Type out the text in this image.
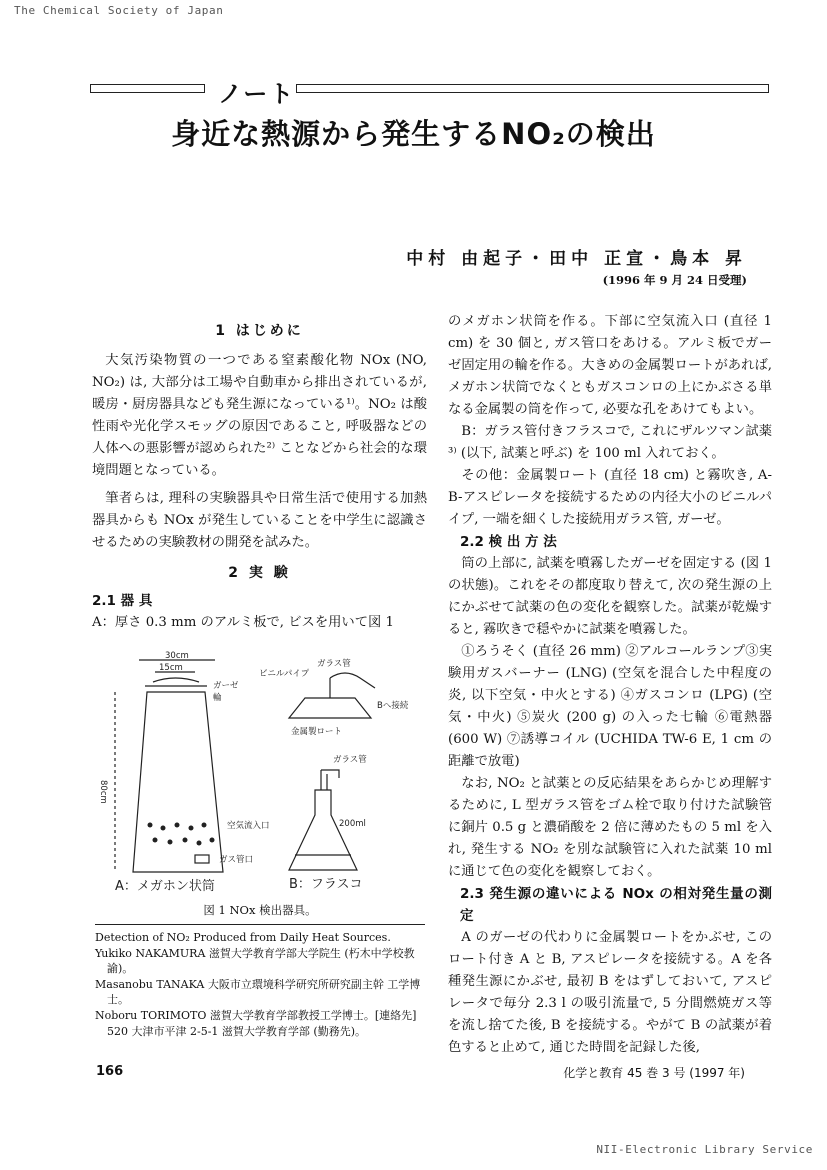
The Chemical Society of Japan
ノート
身近な熱源から発生するNO₂の検出
中村 由起子・田中 正宣・鳥本 昇
(1996 年 9 月 24 日受理)
1 はじめに

大気汚染物質の一つである窒素酸化物 NOx (NO, NO₂) は, 大部分は工場や自動車から排出されているが, 暖房・厨房器具なども発生源になっている¹⁾。NO₂ は酸性雨や光化学スモッグの原因であること, 呼吸器などの人体への悪影響が認められた²⁾ ことなどから社会的な環境問題となっている。

筆者らは, 理科の実験器具や日常生活で使用する加熱器具からも NOx が発生していることを中学生に認識させるための実験教材の開発を試みた。

2 実 験
2.1 器 具

A：厚さ 0.3 mm のアルミ板で, ビスを用いて図 1

30cm
15cm
ガーゼ
輪
80cm
空気流入口
ガス管口
ビニルパイプ
ガラス管
Bへ接続
金属製ロート
ガラス管
200ml
A：メガホン状筒	B：フラスコ
図 1 NOx 検出器具。
Detection of NO₂ Produced from Daily Heat Sources.
Yukiko NAKAMURA 滋賀大学教育学部大学院生 (朽木中学校教諭)。
Masanobu TANAKA 大阪市立環境科学研究所研究副主幹 工学博士。
Noboru TORIMOTO 滋賀大学教育学部教授工学博士。[連絡先] 520 大津市平津 2-5-1 滋賀大学教育学部 (勤務先)。

のメガホン状筒を作る。下部に空気流入口 (直径 1 cm) を 30 個と, ガス管口をあける。アルミ板でガーゼ固定用の輪を作る。大きめの金属製ロートがあれば, メガホン状筒でなくともガスコンロの上にかぶさる単なる金属製の筒を作って, 必要な孔をあけてもよい。

B：ガラス管付きフラスコで, これにザルツマン試薬³⁾ (以下, 試薬と呼ぶ) を 100 ml 入れておく。

その他：金属製ロート (直径 18 cm) と霧吹き, A-B-アスピレータを接続するための内径大小のビニルパイプ, 一端を細くした接続用ガラス管, ガーゼ。

2.2 検 出 方 法

筒の上部に, 試薬を噴霧したガーゼを固定する (図 1 の状態)。これをその都度取り替えて, 次の発生源の上にかぶせて試薬の色の変化を観察した。試薬が乾燥すると, 霧吹きで穏やかに試薬を噴霧した。

①ろうそく (直径 26 mm) ②アルコールランプ③実験用ガスバーナー (LNG) (空気を混合した中程度の炎, 以下空気・中火とする) ④ガスコンロ (LPG) (空気・中火) ⑤炭火 (200 g) の入った七輪 ⑥電熱器 (600 W) ⑦誘導コイル (UCHIDA TW-6 E, 1 cm の距離で放電)

なお, NO₂ と試薬との反応結果をあらかじめ理解するために, L 型ガラス管をゴム栓で取り付けた試験管に銅片 0.5 g と濃硝酸を 2 倍に薄めたもの 5 ml を入れ, 発生する NO₂ を別な試験管に入れた試薬 10 ml に通じて色の変化を観察しておく。

2.3 発生源の違いによる NOx の相対発生量の測定

A のガーゼの代わりに金属製ロートをかぶせ, このロート付き A と B, アスピレータを接続する。A を各種発生源にかぶせ, 最初 B をはずしておいて, アスピレータで毎分 2.3 l の吸引流量で, 5 分間燃焼ガス等を流し捨てた後, B を接続する。やがて B の試薬が着色すると止めて, 通じた時間を記録した後,

166	化学と教育 45 巻 3 号 (1997 年)
NII-Electronic Library Service
